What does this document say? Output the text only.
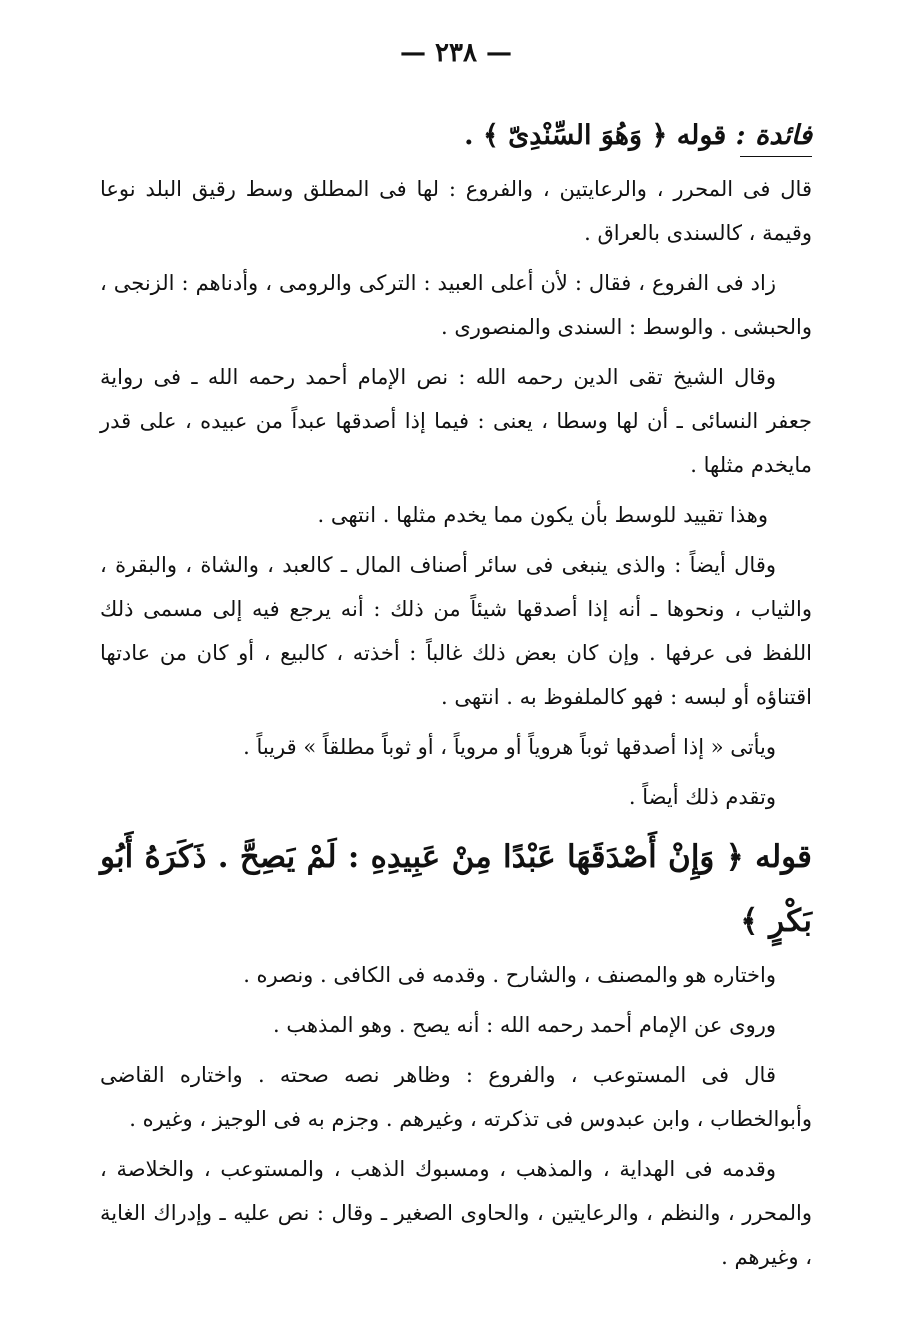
— ٢٣٨ —
فائدة : قوله ﴿ وَهُوَ السِّنْدِىّ ﴾ .

قال فى المحرر ، والرعايتين ، والفروع : لها فى المطلق وسط رقيق البلد نوعا وقيمة ، كالسندى بالعراق .

زاد فى الفروع ، فقال : لأن أعلى العبيد : الترکی والرومی ، وأدناهم : الزنجی ، والحبشی . والوسط : السندی والمنصوری .

وقال الشيخ تقى الدين رحمه الله : نص الإمام أحمد رحمه الله ـ فى رواية جعفر النسائى ـ أن لها وسطا ، يعنى : فيما إذا أصدقها عبداً من عبيده ، على قدر مايخدم مثلها .

وهذا تقييد للوسط بأن يكون مما يخدم مثلها . انتهى .

وقال أيضاً : والذى ينبغى فى سائر أصناف المال ـ كالعبد ، والشاة ، والبقرة ، والثياب ، ونحوها ـ أنه إذا أصدقها شيئاً من ذلك : أنه يرجع فيه إلى مسمى ذلك اللفظ فى عرفها . وإن كان بعض ذلك غالباً : أخذته ، كالبيع ، أو كان من عادتها اقتناؤه أو لبسه : فهو كالملفوظ به . انتهى .

ويأتى « إذا أصدقها ثوباً هروياً أو مروياً ، أو ثوباً مطلقاً » قريباً .

وتقدم ذلك أيضاً .

قوله ﴿ وَإِنْ أَصْدَقَهَا عَبْدًا مِنْ عَبِيدِهِ : لَمْ يَصِحَّ . ذَكَرَهُ أَبُو بَكْرٍ ﴾

واختاره هو والمصنف ، والشارح . وقدمه فى الكافى . ونصره .

وروى عن الإمام أحمد رحمه الله : أنه يصح . وهو المذهب .

قال فى المستوعب ، والفروع : وظاهر نصه صحته . واختاره القاضى وأبوالخطاب ، وابن عبدوس فى تذكرته ، وغيرهم . وجزم به فى الوجيز ، وغيره .

وقدمه فى الهداية ، والمذهب ، ومسبوك الذهب ، والمستوعب ، والخلاصة ، والمحرر ، والنظم ، والرعايتين ، والحاوى الصغير ـ وقال : نص عليه ـ وإدراك الغاية ، وغيرهم .
